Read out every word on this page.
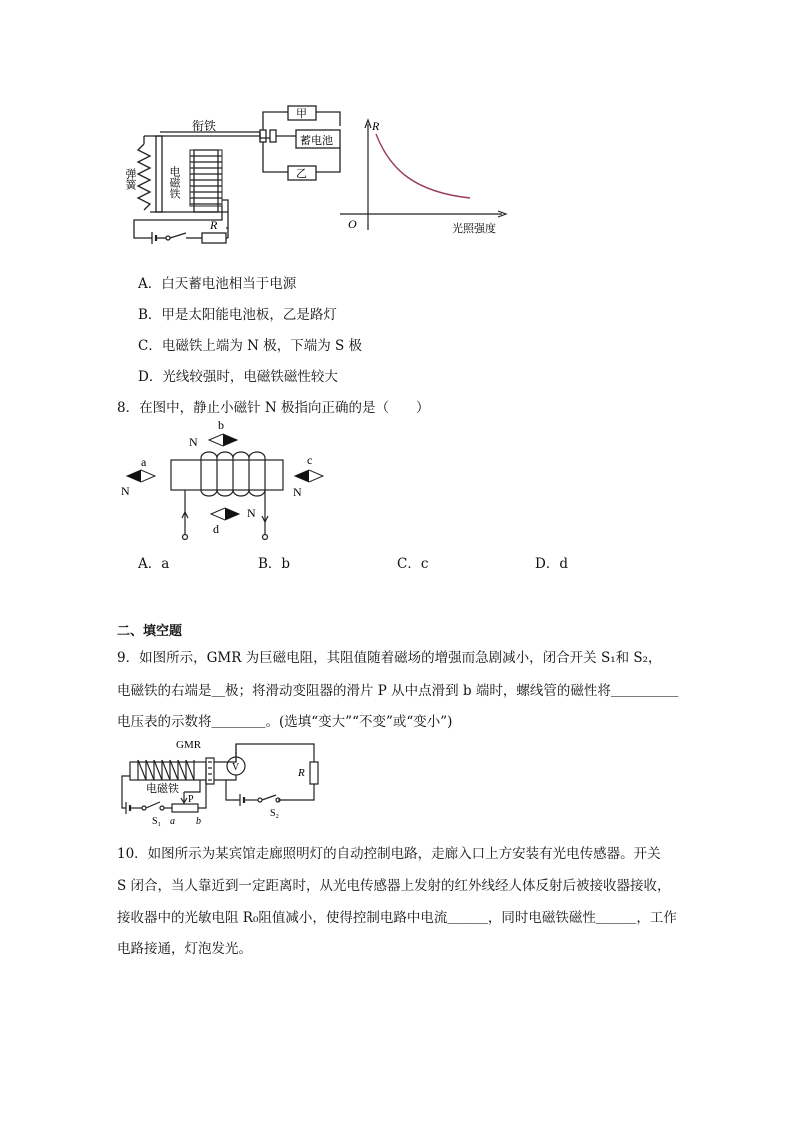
衔铁
甲
蓄电池
乙
弹簧	电磁铁
R
R
O	光照强度
A．白天蓄电池相当于电源
B．甲是太阳能电池板，乙是路灯
C．电磁铁上端为 N 极，下端为 S 极
D．光线较强时，电磁铁磁性较大
8．在图中，静止小磁针 N 极指向正确的是（　　）
a
N
b
N
c
N
d
N
A．a	B．b	C．c	D．d
二、填空题
9．如图所示，GMR 为巨磁电阻，其阻值随着磁场的增强而急剧减小，闭合开关 S₁和 S₂，
电磁铁的右端是＿极；将滑动变阻器的滑片 P 从中点滑到 b 端时，螺线管的磁性将＿＿＿＿＿
电压表的示数将＿＿＿＿。(选填“变大”“不变”或“变小”)
GMR
电磁铁
V	R
P
S₁ a b
S₂
10．如图所示为某宾馆走廊照明灯的自动控制电路，走廊入口上方安装有光电传感器。开关
S 闭合，当人靠近到一定距离时，从光电传感器上发射的红外线经人体反射后被接收器接收，
接收器中的光敏电阻 R₀阻值减小，使得控制电路中电流＿＿＿，同时电磁铁磁性＿＿＿，工作
电路接通，灯泡发光。
